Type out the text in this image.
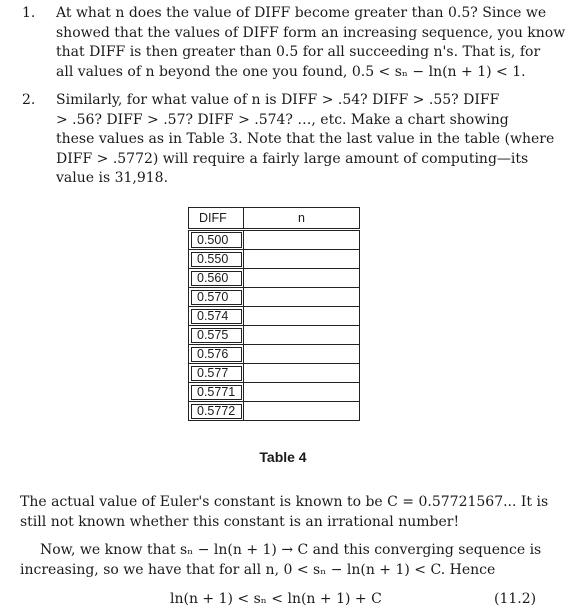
1. At what n does the value of DIFF become greater than 0.5? Since we
showed that the values of DIFF form an increasing sequence, you know
that DIFF is then greater than 0.5 for all succeeding n's. That is, for
all values of n beyond the one you found, 0.5 < sₙ − ln(n + 1) < 1.
2. Similarly, for what value of n is DIFF > .54? DIFF > .55? DIFF
> .56? DIFF > .57? DIFF > .574? …, etc. Make a chart showing
these values as in Table 3. Note that the last value in the table (where
DIFF > .5772) will require a fairly large amount of computing—its
value is 31,918.
DIFF	n
0.500	
0.550	
0.560	
0.570	
0.574	
0.575	
0.576	
0.577	
0.5771	
0.5772	
Table 4
The actual value of Euler's constant is known to be C = 0.57721567... It is
still not known whether this constant is an irrational number!
Now, we know that sₙ − ln(n + 1) → C and this converging sequence is
increasing, so we have that for all n, 0 < sₙ − ln(n + 1) < C. Hence
ln(n + 1) < sₙ < ln(n + 1) + C	(11.2)
